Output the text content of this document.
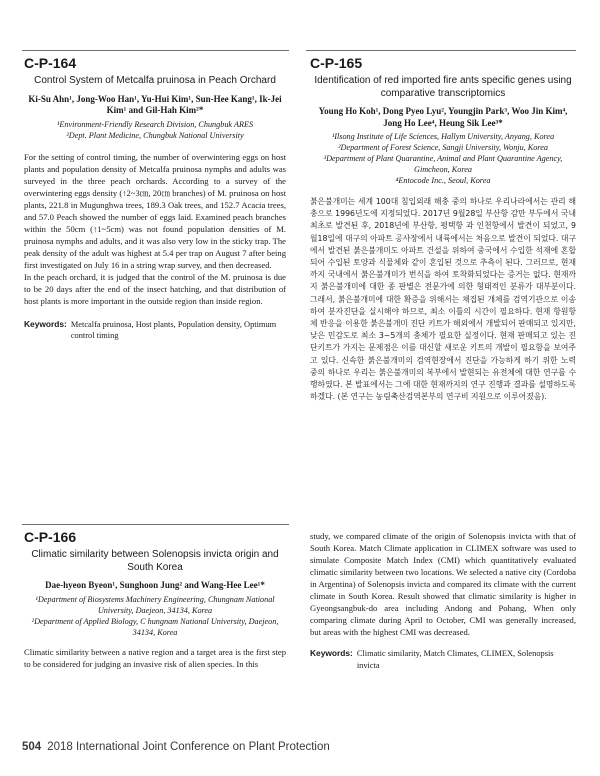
C-P-164
Control System of Metcalfa pruinosa in Peach Orchard
Ki-Su Ahn¹, Jong-Woo Han¹, Yu-Hui Kim¹, Sun-Hee Kang¹, Ik-Jei Kim¹ and Gil-Hah Kim²*
¹Environment-Friendly Research Division, Chungbuk ARES
²Dept. Plant Medicine, Chungbuk National University

For the setting of control timing, the number of overwintering eggs on host plants and population density of Metcalfa pruinosa nymphs and adults was surveyed in the three peach orchards. According to a survey of the overwintering eggs density (↑2~3㎝, 20㎝ branches) of M. pruinosa on host plants, 221.8 in Mugunghwa trees, 189.3 Oak trees, and 152.7 Acacia trees, and 57.0 Peach showed the number of eggs laid. Examined peach branches within the 50cm (↑1~5cm) was not found population densities of M. pruinosa nymphs and adults, and it was also very low in the sticky trap. The peak density of the adult was highest at 5.4 per trap on August 7 after being first investigated on July 16 in a string wrap survey, and then decreased.

In the peach orchard, it is judged that the control of the M. pruinosa is due to be 20 days after the end of the insect hatching, and that distribution of host plants is more important in the outside region than inside region.

Keywords: Metcalfa pruinosa, Host plants, Population density, Optimum control timing
C-P-165
Identification of red imported fire ants specific genes using comparative transcriptomics
Young Ho Koh¹, Dong Pyeo Lyu², Youngjin Park³, Woo Jin Kim⁴, Jong Ho Lee⁴, Heung Sik Lee³*
¹Ilsong Institute of Life Sciences, Hallym University, Anyang, Korea
²Department of Forest Science, Sangji University, Wonju, Korea
³Department of Plant Quarantine, Animal and Plant Quarantine Agency, Gimcheon, Korea
⁴Entocode Inc., Seoul, Korea

붉은불개미는 세계 100대 침입외래 해충 중의 하나로 우리나라에서는 관리 해충으로 1996년도에 지정되었다. 2017년 9월28일 부산항 감만 부두에서 국내 최초로 발견된 후, 2018년에 부산항, 평택항 과 인천항에서 발견이 되었고, 9월18일에 대구의 아파트 공사장에서 내륙에서는 처음으로 발견이 되었다. 대구에서 발견된 붉은불개미도 아파트 건설을 위하여 중국에서 수입한 석재에 혼합되어 수입된 토양과 식물체와 같이 혼입된 것으로 추측이 된다. 그러므로, 현재까지 국내에서 붉은불개미가 번식을 하여 토착화되었다는 증거는 없다. 현재까지 붉은불개미에 대한 종 판별은 전문가에 의한 형태적인 분류가 대부분이다. 그래서, 붉은불개미에 대한 확증을 위해서는 채집된 개체를 검역기관으로 이송하여 분자진단을 실시해야 하므로, 최소 이틀의 시간이 필요하다. 현재 항원항체 반응을 이용한 붉은불개미 진단 키트가 해외에서 개발되어 판매되고 있지만, 낮은 민감도로 최소 3~5개의 충체가 필요한 실정이다. 현재 판매되고 있는 진단키트가 가지는 문제점은 이를 대신할 새로운 키트의 개발이 필요함을 보여주고 있다. 신속한 붉은불개미의 검역현장에서 진단을 가능하게 하기 위한 노력 중의 하나로 우리는 붉은불개미의 복부에서 발현되는 유전체에 대한 연구를 수행하였다. 본 발표에서는 그에 대한 현재까지의 연구 진행과 결과를 설명하도록 하겠다. (본 연구는 농림축산검역본부의 연구비 지원으로 이루어졌음).

C-P-166
Climatic similarity between Solenopsis invicta origin and South Korea
Dae-hyeon Byeon¹, Sunghoon Jung² and Wang-Hee Lee¹*
¹Department of Biosystems Machinery Engineering, Chungnam National University, Daejeon, 34134, Korea
²Department of Applied Biology, C hungnam National University, Daejeon, 34134, Korea

Climatic similarity between a native region and a target area is the first step to be considered for judging an invasive risk of alien species. In this

study, we compared climate of the origin of Solenopsis invicta with that of South Korea. Match Climate application in CLIMEX software was used to simulate Composite Match Index (CMI) which quantitatively evaluated climatic similarity between two locations. We selected a native city (Cordoba in Argentina) of Solenopsis invicta and compared its climate with the current climate in South Korea. Result showed that climatic similarity is higher in Gyeongsangbuk-do area including Andong and Pohang, When only comparing climate during April to October, CMI was generally increased, but areas with the highest CMI was decreased.

Keywords: Climatic similarity, Match Climates, CLIMEX, Solenopsis invicta
504 2018 International Joint Conference on Plant Protection
